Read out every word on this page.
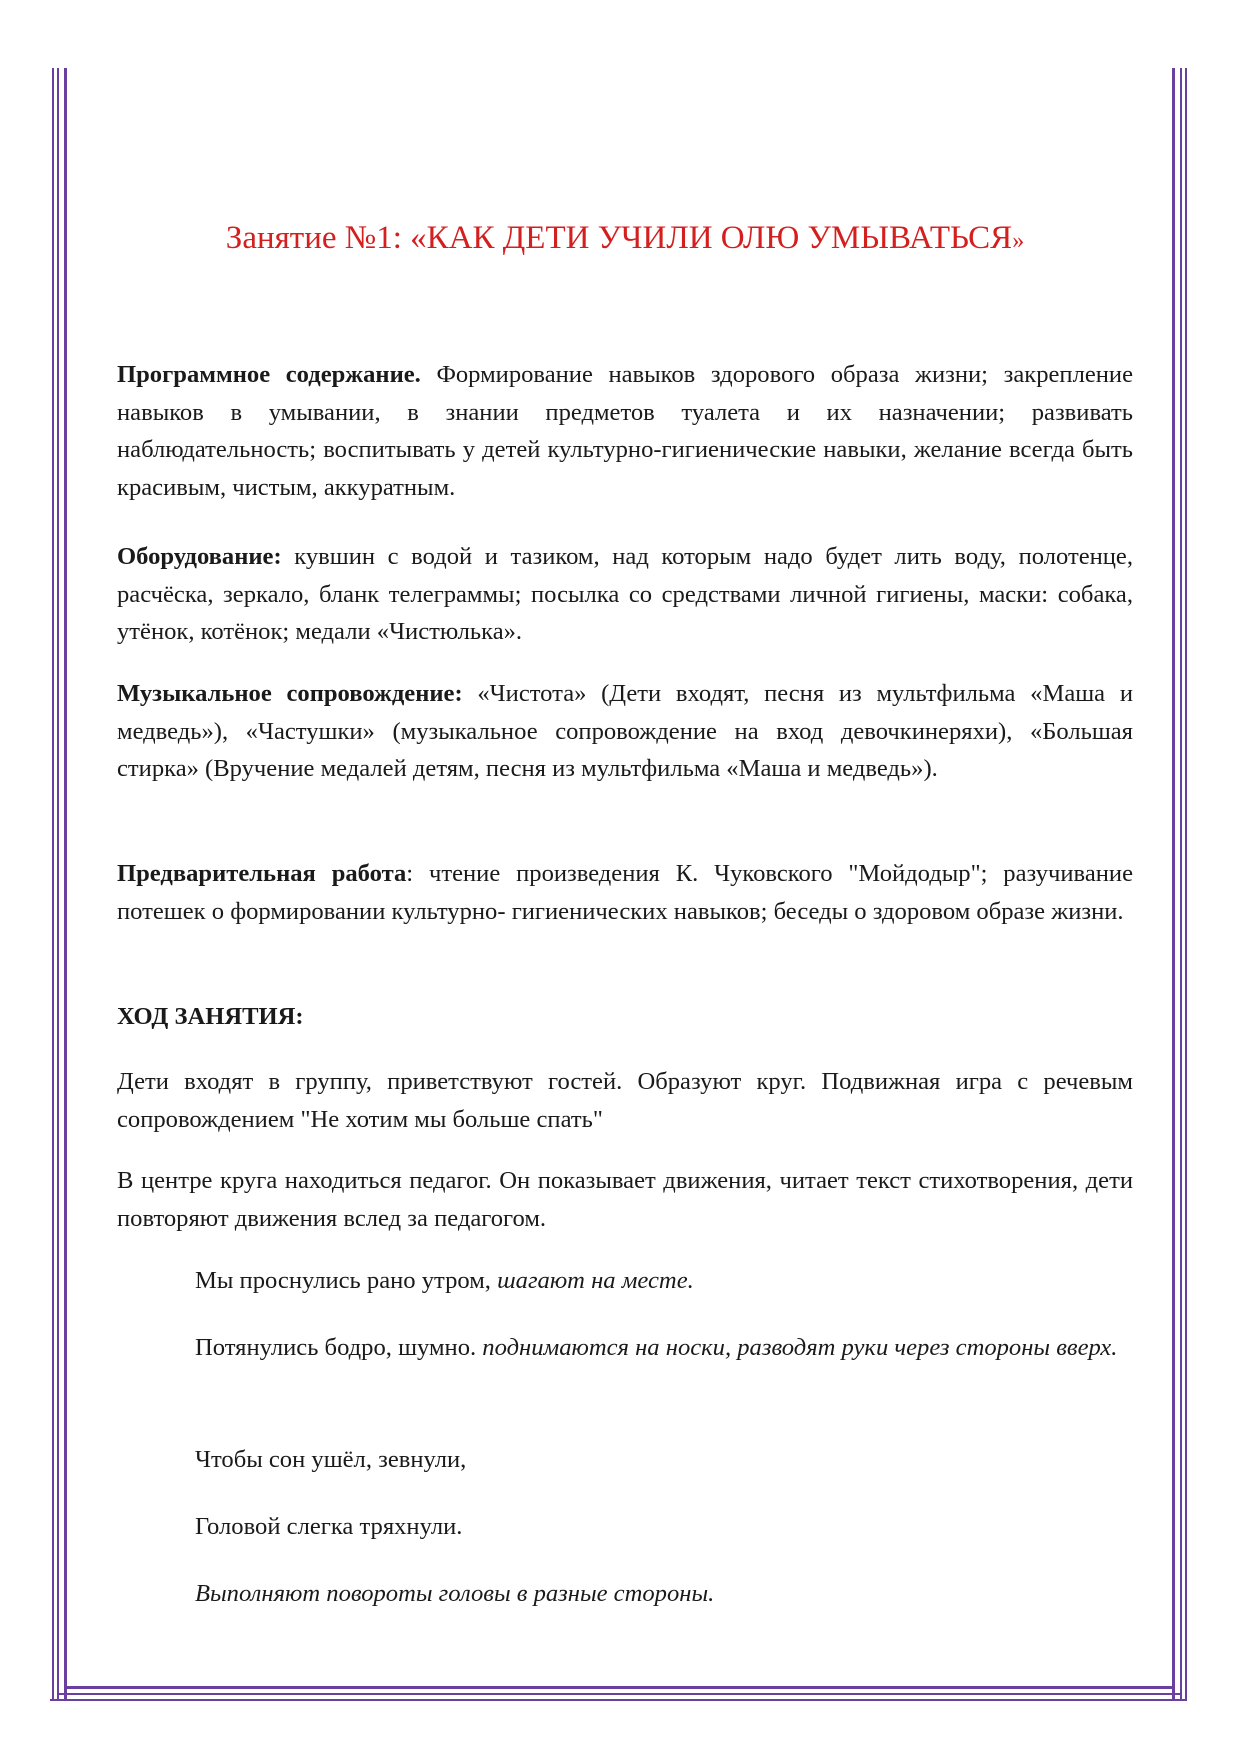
Занятие №1: «КАК ДЕТИ УЧИЛИ ОЛЮ УМЫВАТЬСЯ»
Программное содержание. Формирование навыков здорового образа жизни; закрепление навыков в умывании, в знании предметов туалета и их назначении; развивать наблюдательность; воспитывать у детей культурно-гигиенические навыки, желание всегда быть красивым, чистым, аккуратным.
Оборудование: кувшин с водой и тазиком, над которым надо будет лить воду, полотенце, расчёска, зеркало, бланк телеграммы; посылка со средствами личной гигиены, маски: собака, утёнок, котёнок; медали «Чистюлька».
Музыкальное сопровождение: «Чистота» (Дети входят, песня из мультфильма «Маша и медведь»), «Частушки» (музыкальное сопровождение на вход девочкинеряхи), «Большая стирка» (Вручение медалей детям, песня из мультфильма «Маша и медведь»).
Предварительная работа: чтение произведения К. Чуковского "Мойдодыр"; разучивание потешек о формировании культурно- гигиенических навыков; беседы о здоровом образе жизни.
ХОД ЗАНЯТИЯ:
Дети входят в группу, приветствуют гостей. Образуют круг. Подвижная игра с речевым сопровождением "Не хотим мы больше спать"
В центре круга находиться педагог. Он показывает движения, читает текст стихотворения, дети повторяют движения вслед за педагогом.
Мы проснулись рано утром, шагают на месте.
Потянулись бодро, шумно. поднимаются на носки, разводят руки через стороны вверх.
Чтобы сон ушёл, зевнули,
Головой слегка тряхнули.
Выполняют повороты головы в разные стороны.
